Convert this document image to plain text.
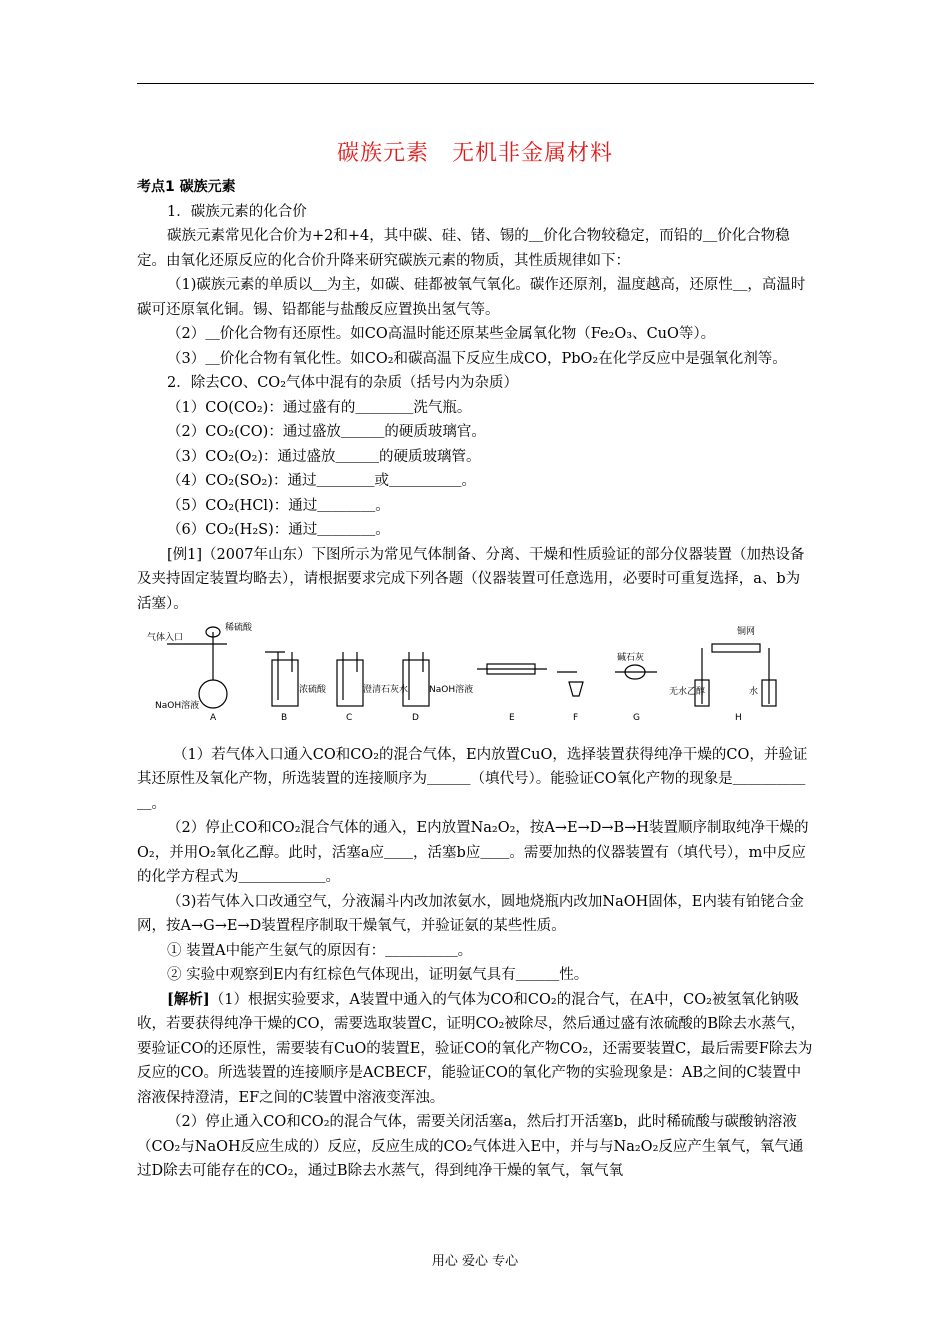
碳族元素　无机非金属材料

考点1 碳族元素

1．碳族元素的化合价

碳族元素常见化合价为+2和+4，其中碳、硅、锗、锡的＿价化合物较稳定，而铅的＿价化合物稳定。由氧化还原反应的化合价升降来研究碳族元素的物质，其性质规律如下：

（1)碳族元素的单质以＿为主，如碳、硅都被氧气氧化。碳作还原剂，温度越高，还原性＿，高温时碳可还原氧化铜。锡、铅都能与盐酸反应置换出氢气等。

（2）＿价化合物有还原性。如CO高温时能还原某些金属氧化物（Fe₂O₃、CuO等）。

（3）＿价化合物有氧化性。如CO₂和碳高温下反应生成CO，PbO₂在化学反应中是强氧化剂等。

2．除去CO、CO₂气体中混有的杂质（括号内为杂质）

（1）CO(CO₂)：通过盛有的＿＿＿＿洗气瓶。

（2）CO₂(CO)：通过盛放＿＿＿的硬质玻璃官。

（3）CO₂(O₂)：通过盛放＿＿＿的硬质玻璃管。

（4）CO₂(SO₂)：通过＿＿＿＿或＿＿＿＿＿。

（5）CO₂(HCl)：通过＿＿＿＿。

（6）CO₂(H₂S)：通过＿＿＿＿。

[例1]（2007年山东）下图所示为常见气体制备、分离、干燥和性质验证的部分仪器装置（加热设备及夹持固定装置均略去），请根据要求完成下列各题（仪器装置可任意选用，必要时可重复选择，a、b为活塞）。

气体入口
稀硫酸
NaOH溶液
浓硫酸	澄清石灰水 NaOH溶液
碱石灰
铜网
无水乙醇	水
A	B	C	D	E	F	G	H

（1）若气体入口通入CO和CO₂的混合气体，E内放置CuO，选择装置获得纯净干燥的CO，并验证其还原性及氧化产物，所选装置的连接顺序为＿＿＿（填代号）。能验证CO氧化产物的现象是＿＿＿＿＿＿。

（2）停止CO和CO₂混合气体的通入，E内放置Na₂O₂，按A→E→D→B→H装置顺序制取纯净干燥的O₂，并用O₂氧化乙醇。此时，活塞a应＿＿，活塞b应＿＿。需要加热的仪器装置有（填代号），m中反应的化学方程式为＿＿＿＿＿＿。

（3)若气体入口改通空气，分液漏斗内改加浓氨水，圆地烧瓶内改加NaOH固体，E内装有铂铑合金网，按A→G→E→D装置程序制取干燥氧气，并验证氨的某些性质。

① 装置A中能产生氨气的原因有：＿＿＿＿＿。

② 实验中观察到E内有红棕色气体现出，证明氨气具有＿＿＿性。

[解析]（1）根据实验要求，A装置中通入的气体为CO和CO₂的混合气，在A中，CO₂被氢氧化钠吸收，若要获得纯净干燥的CO，需要选取装置C，证明CO₂被除尽，然后通过盛有浓硫酸的B除去水蒸气，要验证CO的还原性，需要装有CuO的装置E，验证CO的氧化产物CO₂，还需要装置C，最后需要F除去为反应的CO。所选装置的连接顺序是ACBECF，能验证CO的氧化产物的实验现象是：AB之间的C装置中溶液保持澄清，EF之间的C装置中溶液变浑浊。

（2）停止通入CO和CO₂的混合气体，需要关闭活塞a，然后打开活塞b，此时稀硫酸与碳酸钠溶液（CO₂与NaOH反应生成的）反应，反应生成的CO₂气体进入E中，并与与Na₂O₂反应产生氧气，氧气通过D除去可能存在的CO₂，通过B除去水蒸气，得到纯净干燥的氧气，氧气氧

用心 爱心 专心
